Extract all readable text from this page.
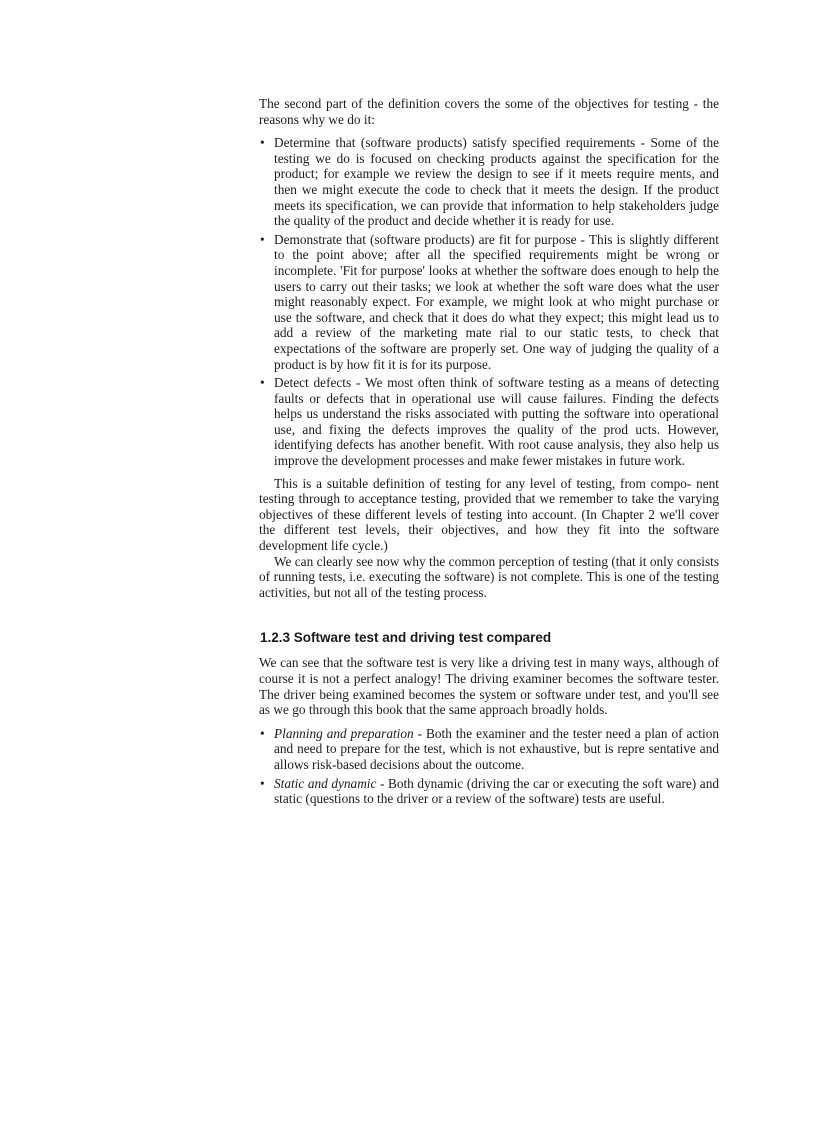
The second part of the definition covers the some of the objectives for testing - the reasons why we do it:

• Determine that (software products) satisfy specified requirements - Some of the testing we do is focused on checking products against the specification for the product; for example we review the design to see if it meets require ments, and then we might execute the code to check that it meets the design. If the product meets its specification, we can provide that information to help stakeholders judge the quality of the product and decide whether it is ready for use.
• Demonstrate that (software products) are fit for purpose - This is slightly different to the point above; after all the specified requirements might be wrong or incomplete. 'Fit for purpose' looks at whether the software does enough to help the users to carry out their tasks; we look at whether the soft ware does what the user might reasonably expect. For example, we might look at who might purchase or use the software, and check that it does do what they expect; this might lead us to add a review of the marketing mate rial to our static tests, to check that expectations of the software are properly set. One way of judging the quality of a product is by how fit it is for its purpose.
• Detect defects - We most often think of software testing as a means of detecting faults or defects that in operational use will cause failures. Finding the defects helps us understand the risks associated with putting the software into operational use, and fixing the defects improves the quality of the prod ucts. However, identifying defects has another benefit. With root cause analysis, they also help us improve the development processes and make fewer mistakes in future work.

This is a suitable definition of testing for any level of testing, from compo- nent testing through to acceptance testing, provided that we remember to take the varying objectives of these different levels of testing into account. (In Chapter 2 we'll cover the different test levels, their objectives, and how they fit into the software development life cycle.)

We can clearly see now why the common perception of testing (that it only consists of running tests, i.e. executing the software) is not complete. This is one of the testing activities, but not all of the testing process.

1.2.3 Software test and driving test compared

We can see that the software test is very like a driving test in many ways, although of course it is not a perfect analogy! The driving examiner becomes the software tester. The driver being examined becomes the system or software under test, and you'll see as we go through this book that the same approach broadly holds.

• Planning and preparation - Both the examiner and the tester need a plan of action and need to prepare for the test, which is not exhaustive, but is repre sentative and allows risk-based decisions about the outcome.
• Static and dynamic - Both dynamic (driving the car or executing the soft ware) and static (questions to the driver or a review of the software) tests are useful.
